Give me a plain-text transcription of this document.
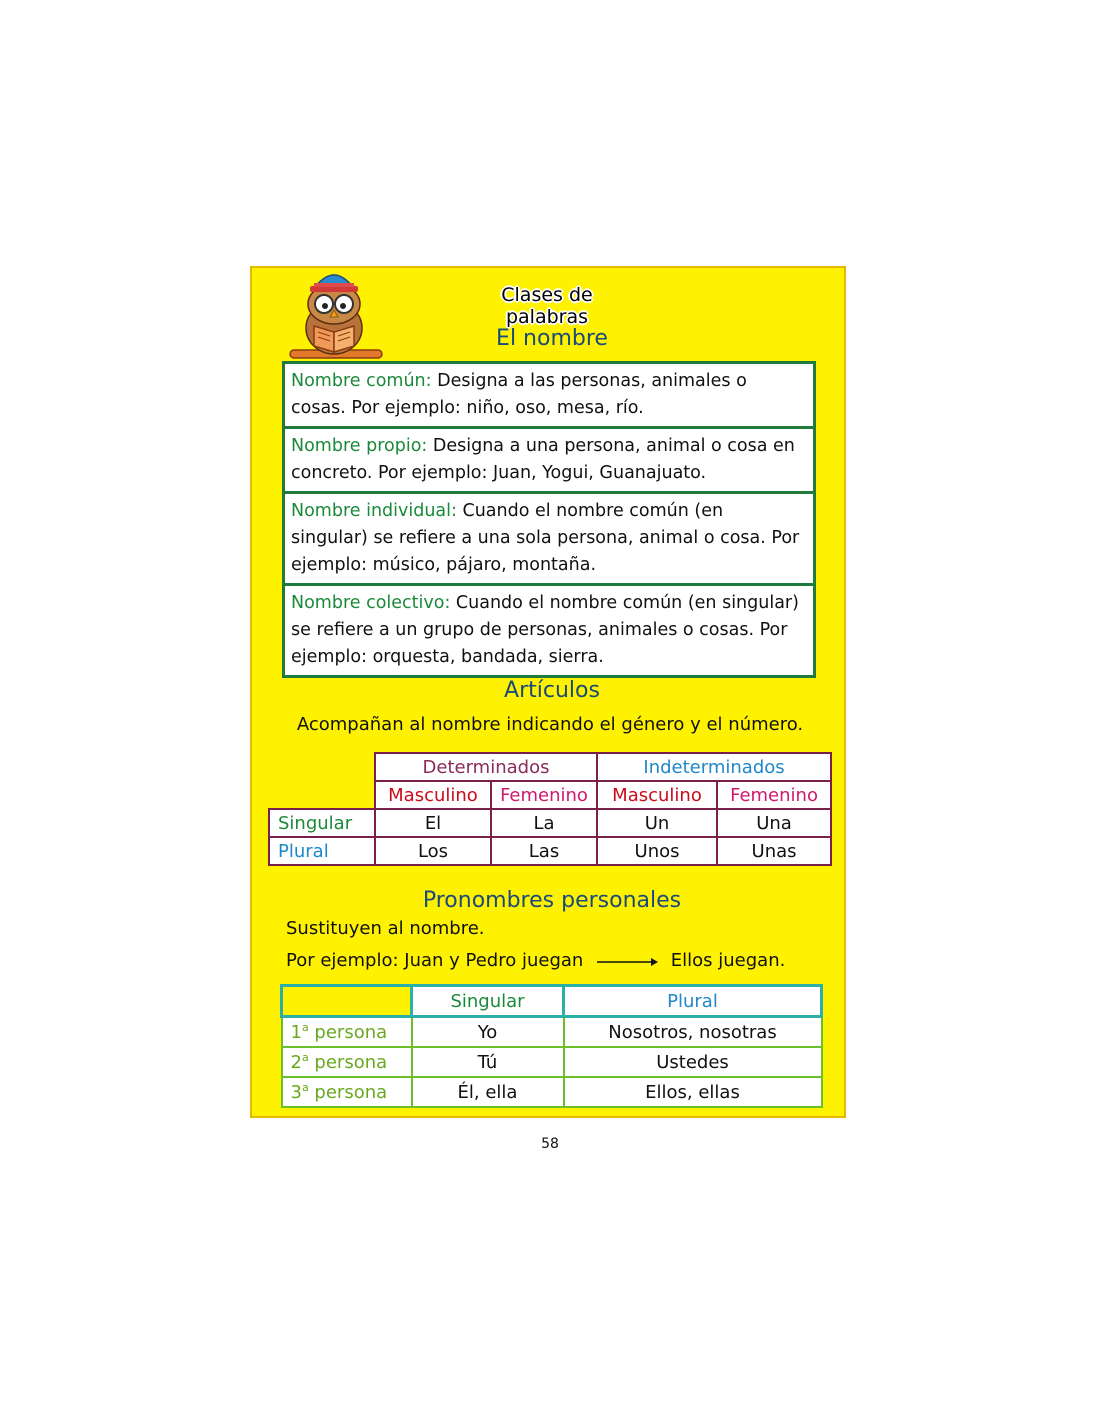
Clases de palabras
El nombre
Nombre común: Designa a las personas, animales o cosas. Por ejemplo: niño, oso, mesa, río.
Nombre propio: Designa a una persona, animal o cosa en concreto. Por ejemplo: Juan, Yogui, Guanajuato.
Nombre individual: Cuando el nombre común (en singular) se refiere a una sola persona, animal o cosa. Por ejemplo: músico, pájaro, montaña.
Nombre colectivo: Cuando el nombre común (en singular) se refiere a un grupo de personas, animales o cosas. Por ejemplo: orquesta, bandada, sierra.
Artículos
Acompañan al nombre indicando el género y el número.
	Determinados		Indeterminados	
	Masculino	Femenino	Masculino	Femenino
Singular	El	La	Un	Una
Plural	Los	Las	Unos	Unas
Pronombres personales
Sustituyen al nombre.
Por ejemplo: Juan y Pedro juegan	Ellos juegan.
	Singular	Plural
1$^a$ persona	Yo	Nosotros, nosotras
2$^a$ persona	Tú	Ustedes
3$^a$ persona	Él, ella	Ellos, ellas
58
